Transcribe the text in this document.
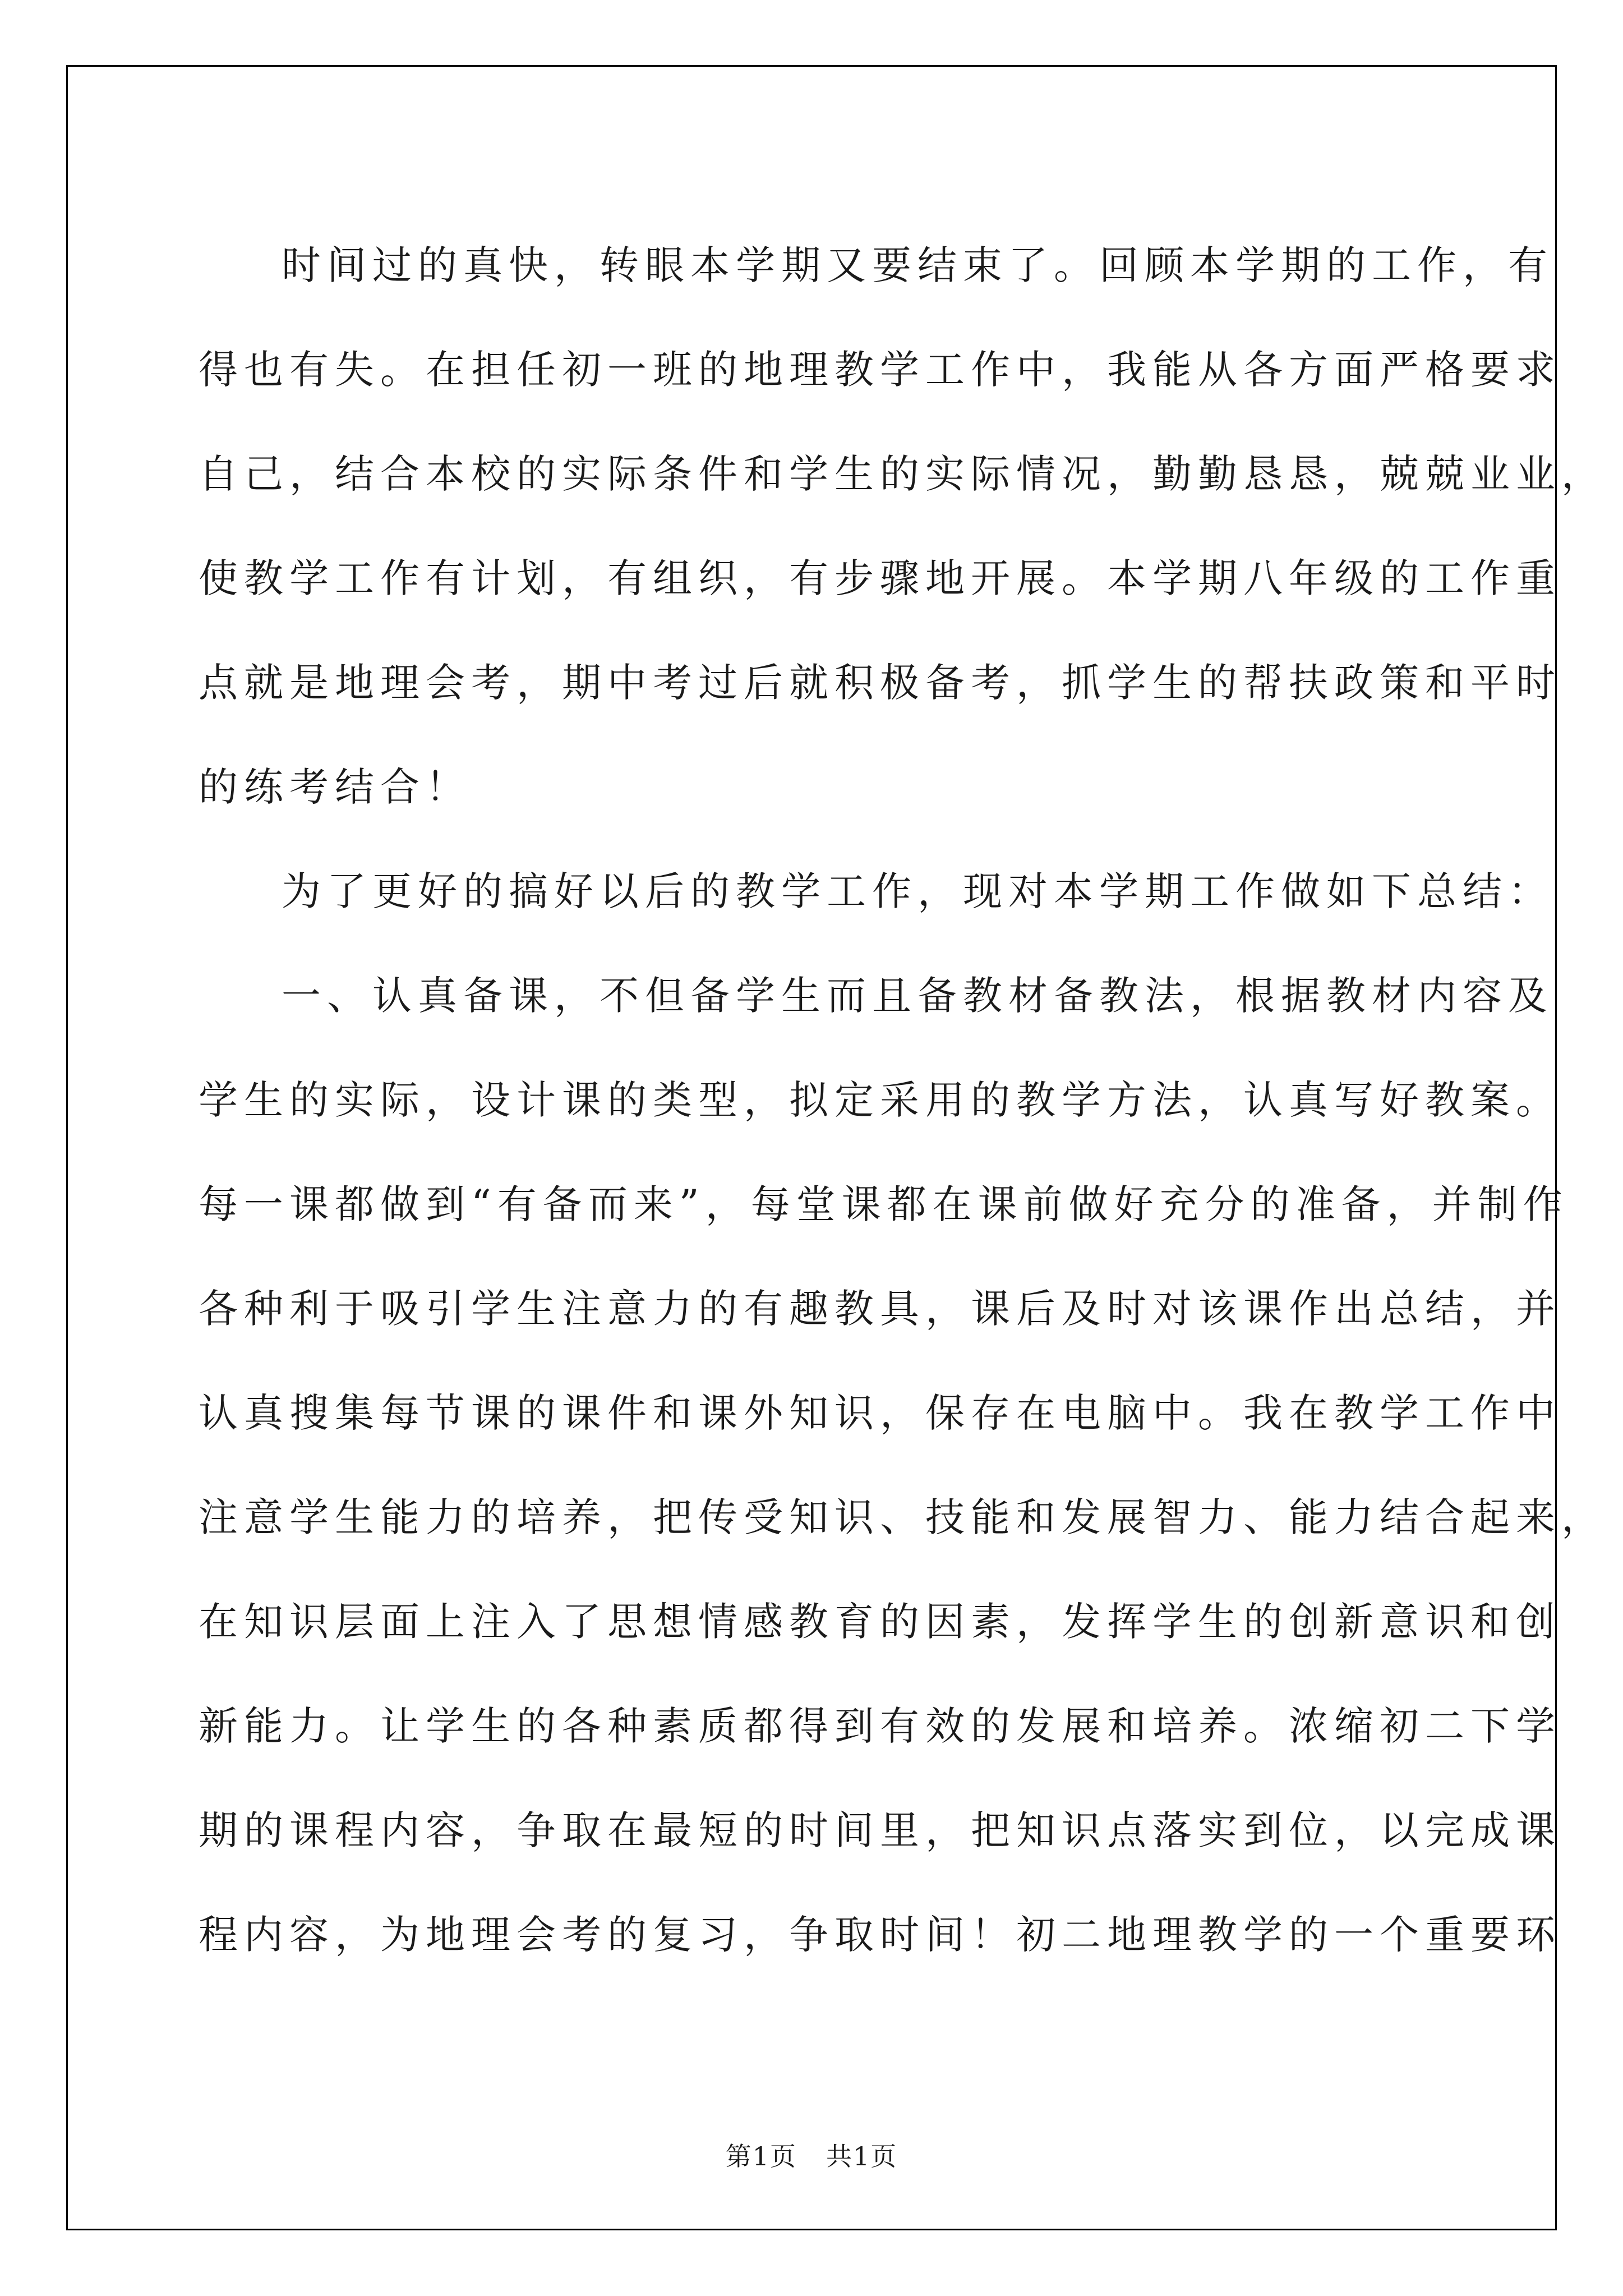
时间过的真快，转眼本学期又要结束了。回顾本学期的工作，有
得也有失。在担任初一班的地理教学工作中，我能从各方面严格要求
自己，结合本校的实际条件和学生的实际情况，勤勤恳恳，兢兢业业，
使教学工作有计划，有组织，有步骤地开展。本学期八年级的工作重
点就是地理会考，期中考过后就积极备考，抓学生的帮扶政策和平时
的练考结合！
为了更好的搞好以后的教学工作，现对本学期工作做如下总结：
一、认真备课，不但备学生而且备教材备教法，根据教材内容及
学生的实际，设计课的类型，拟定采用的教学方法，认真写好教案。
每一课都做到“有备而来”，每堂课都在课前做好充分的准备，并制作
各种利于吸引学生注意力的有趣教具，课后及时对该课作出总结，并
认真搜集每节课的课件和课外知识，保存在电脑中。我在教学工作中
注意学生能力的培养，把传受知识、技能和发展智力、能力结合起来，
在知识层面上注入了思想情感教育的因素，发挥学生的创新意识和创
新能力。让学生的各种素质都得到有效的发展和培养。浓缩初二下学
期的课程内容，争取在最短的时间里，把知识点落实到位，以完成课
程内容，为地理会考的复习，争取时间！初二地理教学的一个重要环
第1页 共1页
